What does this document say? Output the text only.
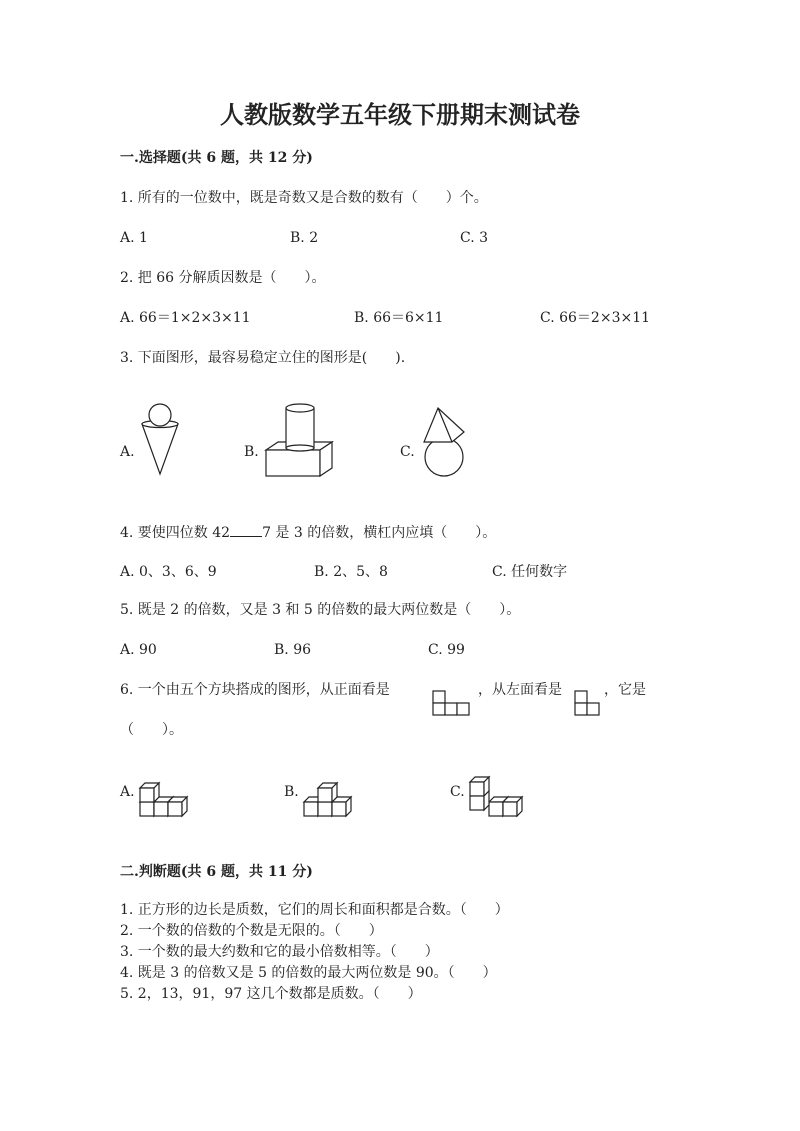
人教版数学五年级下册期末测试卷
一.选择题(共 6 题，共 12 分)
1. 所有的一位数中，既是奇数又是合数的数有（　　）个。
A. 1	B. 2	C. 3
2. 把 66 分解质因数是（　　）。
A. 66＝1×2×3×11	B. 66＝6×11	C. 66＝2×3×11
3. 下面图形，最容易稳定立住的图形是(　　).
A.	B.	C.
4. 要使四位数 42 7 是 3 的倍数，横杠内应填（　　）。
A. 0、3、6、9	B. 2、5、8	C. 任何数字
5. 既是 2 的倍数，又是 3 和 5 的倍数的最大两位数是（　　）。
A. 90	B. 96	C. 99
6. 一个由五个方块搭成的图形，从正面看是	，从左面看是	，它是
（　　）。
A.	B.	C.
二.判断题(共 6 题，共 11 分)
1. 正方形的边长是质数，它们的周长和面积都是合数。（　　）
2. 一个数的倍数的个数是无限的。（　　）
3. 一个数的最大约数和它的最小倍数相等。（　　）
4. 既是 3 的倍数又是 5 的倍数的最大两位数是 90。（　　）
5. 2，13，91，97 这几个数都是质数。（　　）
